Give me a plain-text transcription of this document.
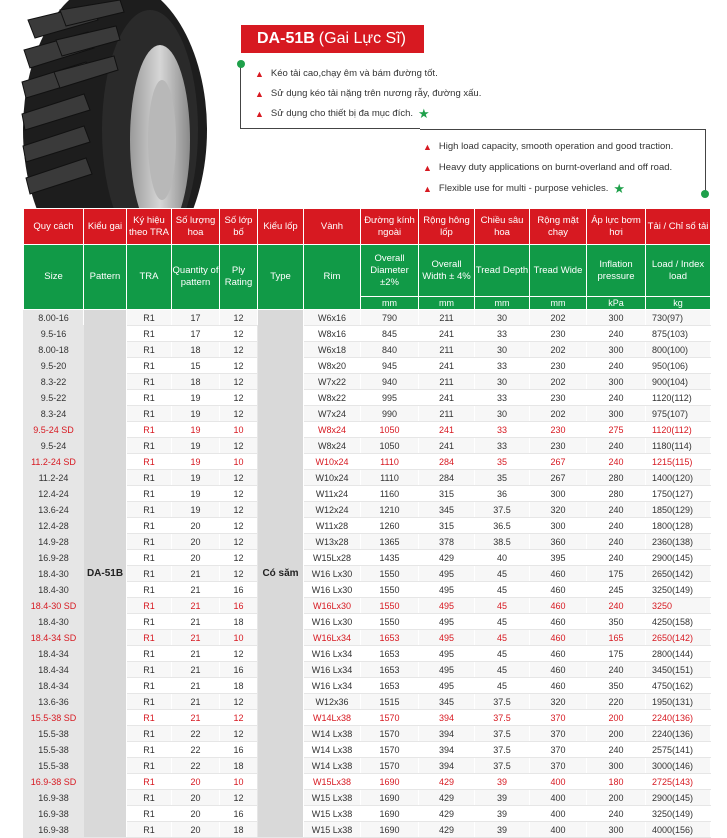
DA-51B (Gai Lực Sĩ)
▲ Kéo tải cao,chạy êm và bám đường tốt.
▲ Sử dụng kéo tải nặng trên nương rẫy, đường xấu.
▲ Sử dụng cho thiết bị đa mục đích. ★
▲ High load capacity, smooth operation and good traction.
▲ Heavy duty applications on burnt-overland and off road.
▲ Flexible use for multi - purpose vehicles. ★
Quy cách	Kiểu gai	Ký hiệu theo TRA	Số lượng hoa	Số lớp bố	Kiểu lốp	Vành	Đường kính ngoài	Rộng hông lốp	Chiều sâu hoa	Rộng mặt chạy	Áp lực bơm hơi	Tải / Chỉ số tải
Size	Pattern	TRA	Quantity of pattern	Ply Rating	Type	Rim	Overall Diameter ±2%	Overall Width ± 4%	Tread Depth	Tread Wide	Inflation pressure	Load / Index load
							mm	mm	mm	mm	kPa	kg
8.00-16	DA-51B	R1	17	12	Có săm	W6x16	790	211	30	202	300	730(97)
9.5-16		R1	17	12		W8x16	845	241	33	230	240	875(103)
8.00-18		R1	18	12		W6x18	840	211	30	202	300	800(100)
9.5-20		R1	15	12		W8x20	945	241	33	230	240	950(106)
8.3-22		R1	18	12		W7x22	940	211	30	202	300	900(104)
9.5-22		R1	19	12		W8x22	995	241	33	230	240	1120(112)
8.3-24		R1	19	12		W7x24	990	211	30	202	300	975(107)
9.5-24 SD		R1	19	10		W8x24	1050	241	33	230	275	1120(112)
9.5-24		R1	19	12		W8x24	1050	241	33	230	240	1180(114)
11.2-24 SD		R1	19	10		W10x24	1110	284	35	267	240	1215(115)
11.2-24		R1	19	12		W10x24	1110	284	35	267	280	1400(120)
12.4-24		R1	19	12		W11x24	1160	315	36	300	280	1750(127)
13.6-24		R1	19	12		W12x24	1210	345	37.5	320	240	1850(129)
12.4-28		R1	20	12		W11x28	1260	315	36.5	300	240	1800(128)
14.9-28		R1	20	12		W13x28	1365	378	38.5	360	240	2360(138)
16.9-28		R1	20	12		W15Lx28	1435	429	40	395	240	2900(145)
18.4-30		R1	21	12		W16 Lx30	1550	495	45	460	175	2650(142)
18.4-30		R1	21	16		W16 Lx30	1550	495	45	460	245	3250(149)
18.4-30 SD		R1	21	16		W16Lx30	1550	495	45	460	240	3250
18.4-30		R1	21	18		W16 Lx30	1550	495	45	460	350	4250(158)
18.4-34 SD		R1	21	10		W16Lx34	1653	495	45	460	165	2650(142)
18.4-34		R1	21	12		W16 Lx34	1653	495	45	460	175	2800(144)
18.4-34		R1	21	16		W16 Lx34	1653	495	45	460	240	3450(151)
18.4-34		R1	21	18		W16 Lx34	1653	495	45	460	350	4750(162)
13.6-36		R1	21	12		W12x36	1515	345	37.5	320	220	1950(131)
15.5-38 SD		R1	21	12		W14Lx38	1570	394	37.5	370	200	2240(136)
15.5-38		R1	22	12		W14 Lx38	1570	394	37.5	370	200	2240(136)
15.5-38		R1	22	16		W14 Lx38	1570	394	37.5	370	240	2575(141)
15.5-38		R1	22	18		W14 Lx38	1570	394	37.5	370	300	3000(146)
16.9-38 SD		R1	20	10		W15Lx38	1690	429	39	400	180	2725(143)
16.9-38		R1	20	12		W15 Lx38	1690	429	39	400	200	2900(145)
16.9-38		R1	20	16		W15 Lx38	1690	429	39	400	240	3250(149)
16.9-38		R1	20	18		W15 Lx38	1690	429	39	400	300	4000(156)
